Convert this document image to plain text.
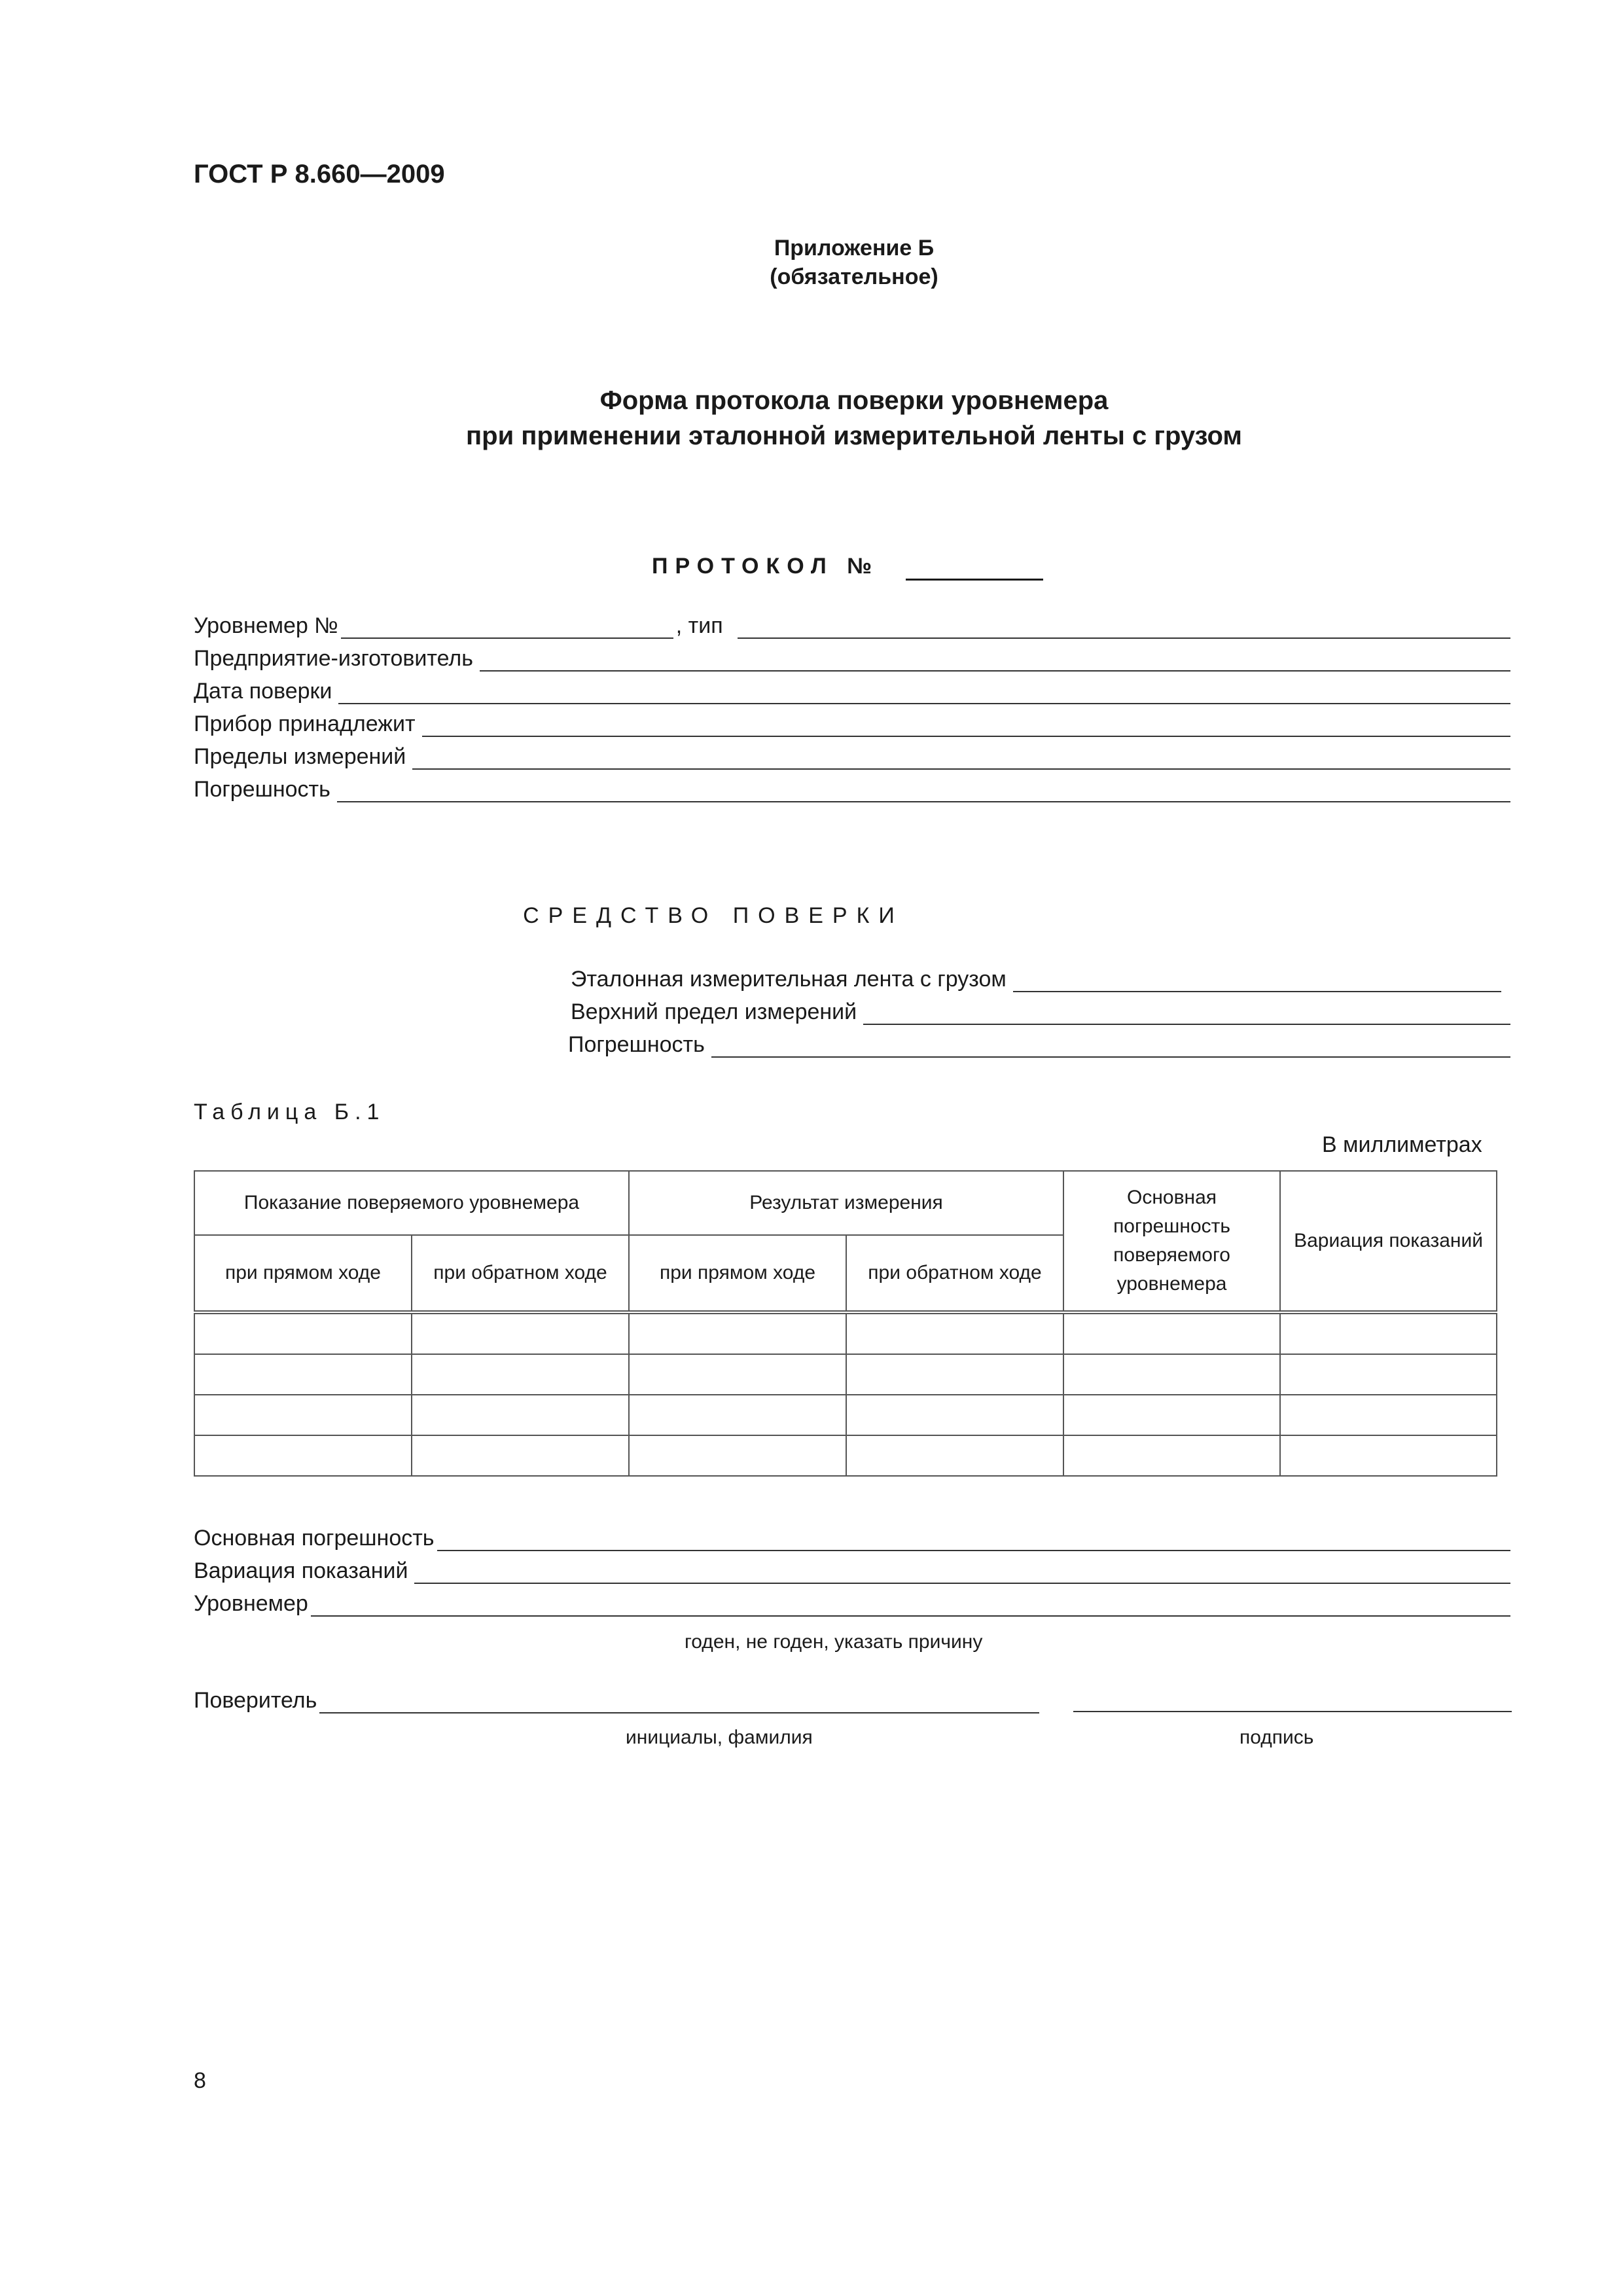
ГОСТ Р 8.660—2009
Приложение Б
(обязательное)
Форма протокола поверки уровнемера
при применении эталонной измерительной ленты с грузом
ПРОТОКОЛ №
Уровнемер №	, тип
Предприятие-изготовитель
Дата поверки
Прибор принадлежит
Пределы измерений
Погрешность
СРЕДСТВО ПОВЕРКИ
Эталонная измерительная лента с грузом
Верхний предел измерений
Погрешность
Таблица Б.1
В миллиметрах
Показание поверяемого уровнемера		Результат измерения		Основная погрешность поверяемого уровнемера	Вариация показаний
при прямом ходе	при обратном ходе	при прямом ходе	при обратном ходе		

Основная погрешность
Вариация показаний
Уровнемер
годен, не годен, указать причину
Поверитель
инициалы, фамилия	подпись
8
